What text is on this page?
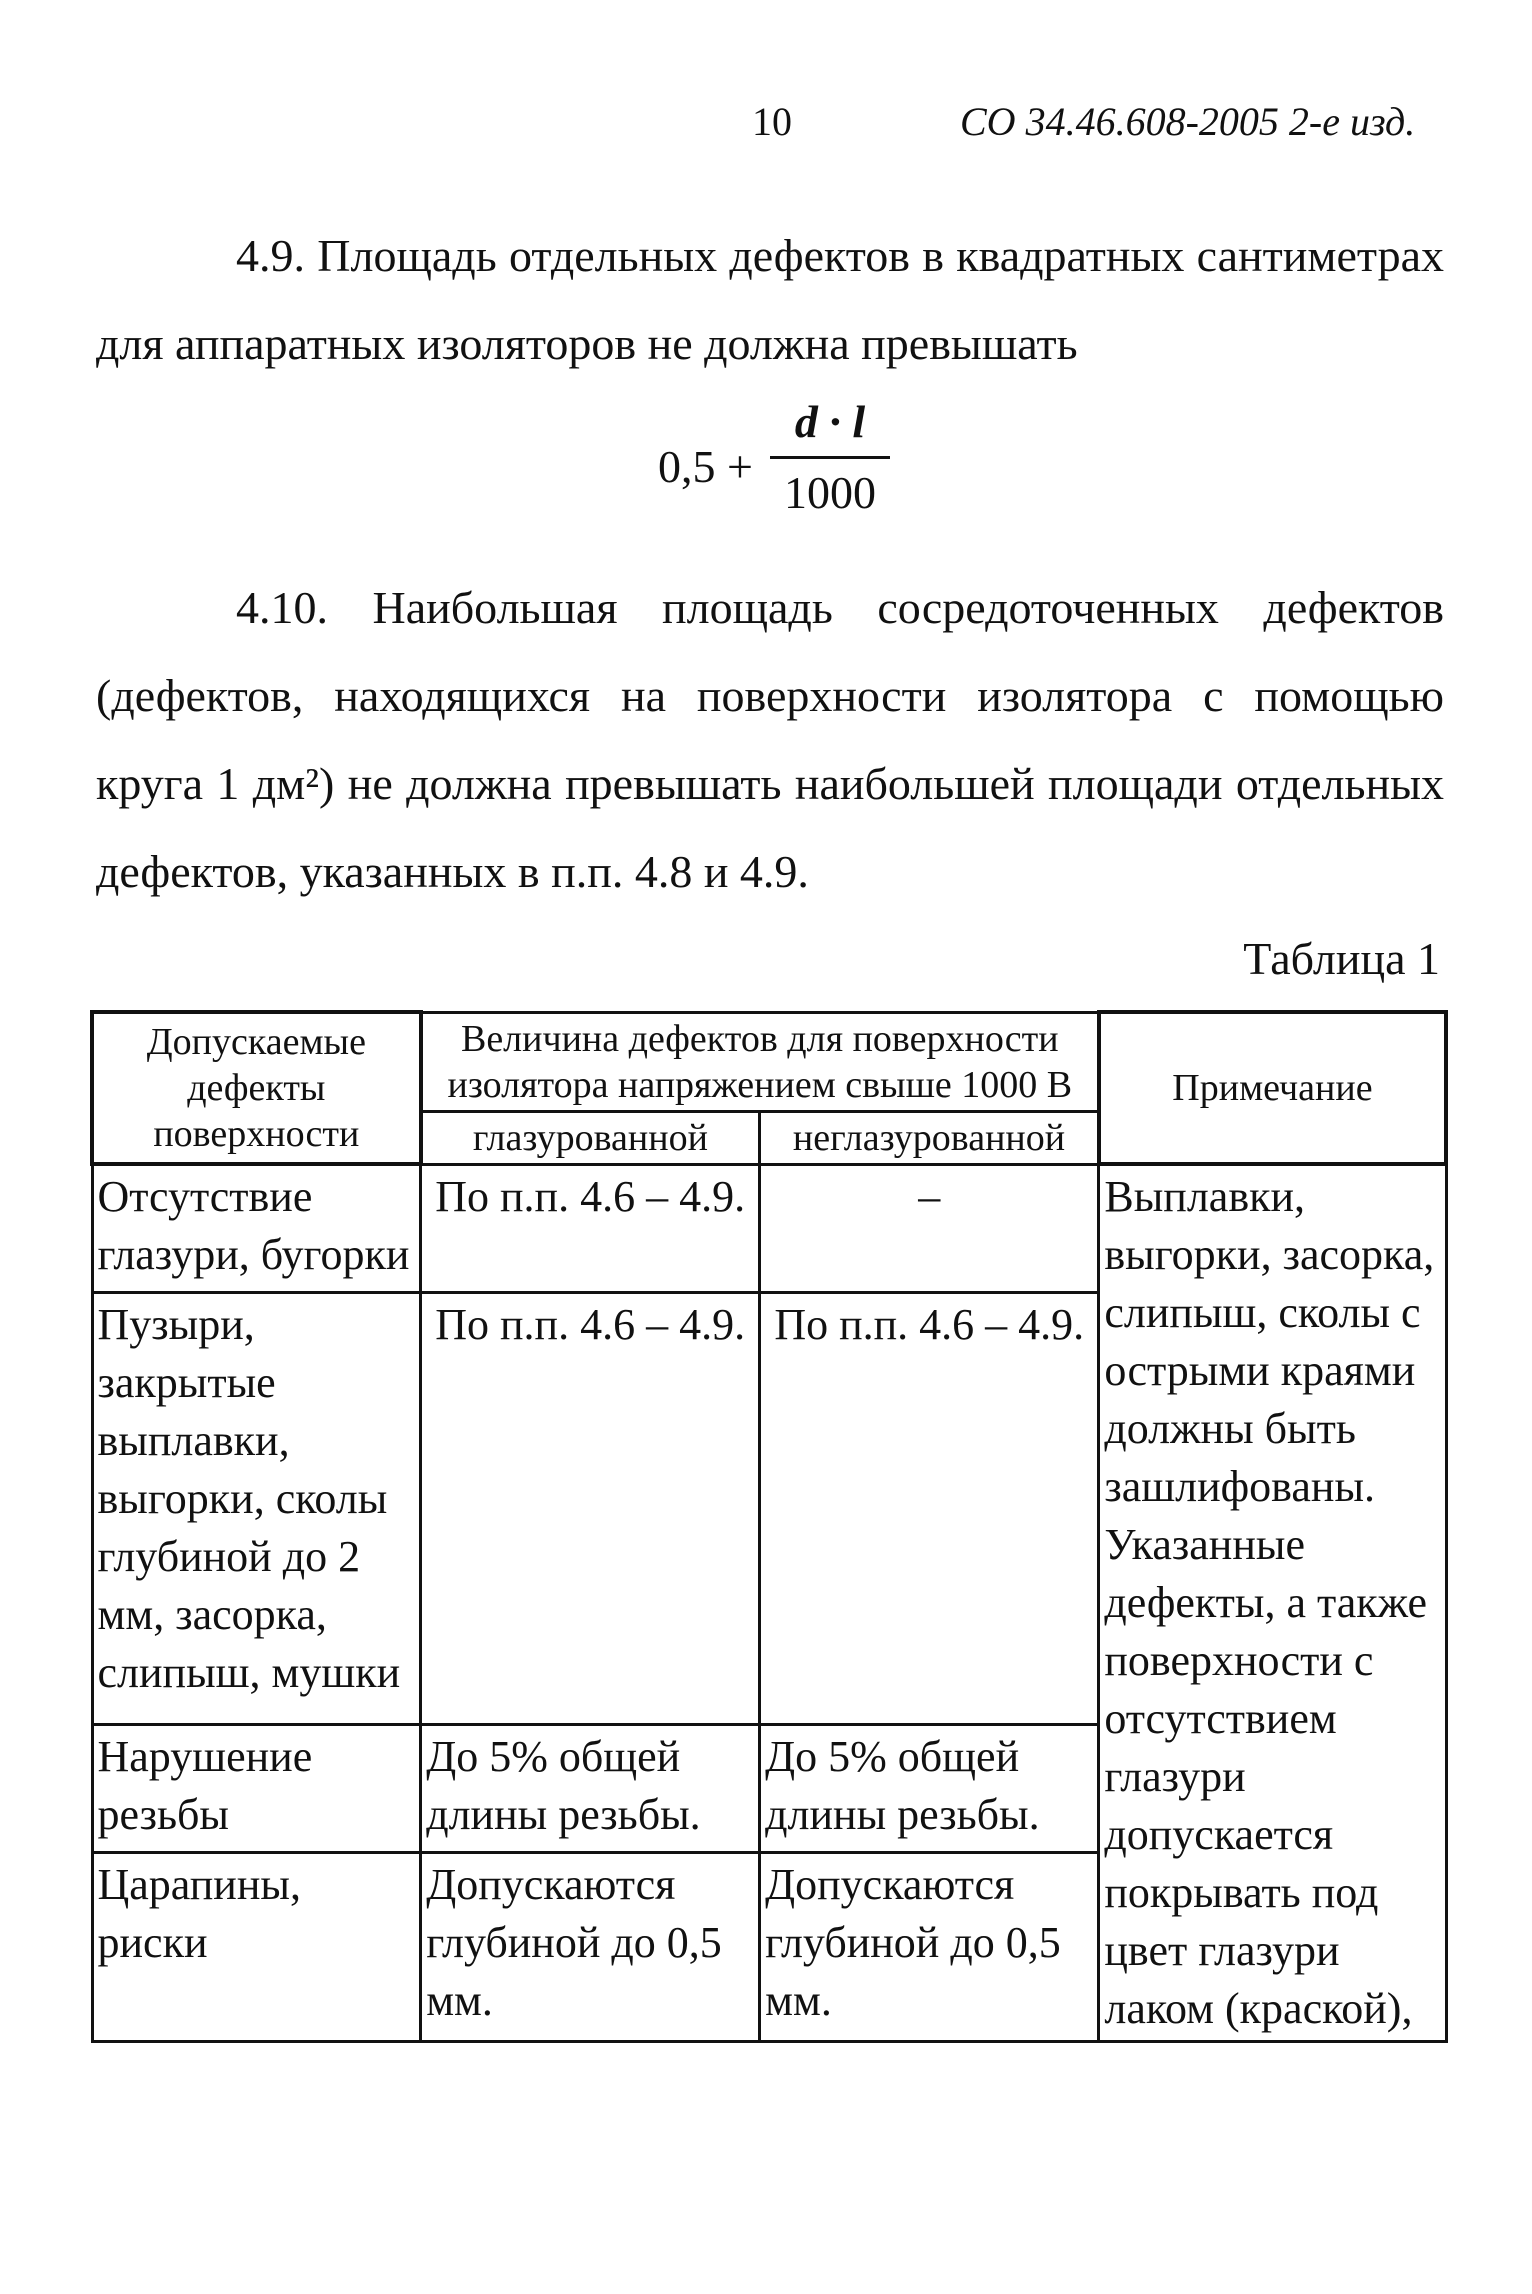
10	СО 34.46.608-2005 2-е изд.

4.9. Площадь отдельных дефектов в квадратных сантиметрах для аппаратных изоляторов не должна превышать

0,5 +
d · l
1000

4.10. Наибольшая площадь сосредоточенных дефектов (дефектов, находящихся на поверхности изолятора с помощью круга 1 дм²) не должна превышать наибольшей площади отдельных дефектов, указанных в п.п. 4.8 и 4.9.

Таблица 1
Допускаемые дефекты поверхности	Величина дефектов для поверхности изолятора напряжением свыше 1000 В		Примечание
	глазурованной	неглазурованной	
Отсутствие глазури, бугорки	По п.п. 4.6 – 4.9.	–	Выплавки, выгорки, засорка, слипыш, сколы с острыми краями должны быть зашлифованы. Указанные дефекты, а также поверхности с отсутствием глазури допускается покрывать под цвет глазури лаком (краской),
Пузыри, закрытые выплавки, выгорки, сколы глубиной до 2 мм, засорка, слипыш, мушки	По п.п. 4.6 – 4.9.	По п.п. 4.6 – 4.9.	
Нарушение резьбы	До 5% общей длины резьбы.	До 5% общей длины резьбы.	
Царапины, риски	Допускаются глубиной до 0,5 мм.	Допускаются глубиной до 0,5 мм.	
